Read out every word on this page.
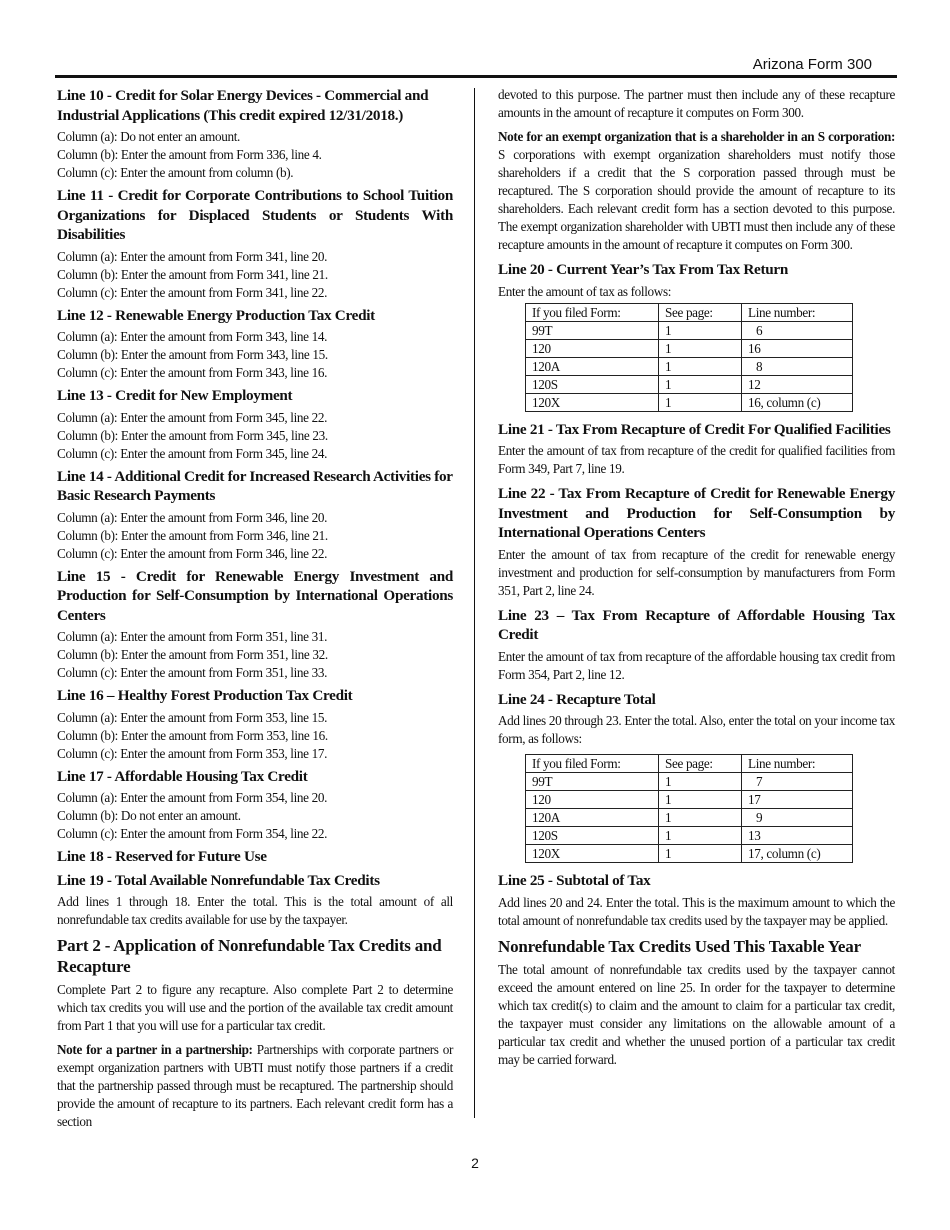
Arizona Form 300
Line 10 - Credit for Solar Energy Devices - Commercial and Industrial Applications (This credit expired 12/31/2018.)
Column (a): Do not enter an amount.
Column (b): Enter the amount from Form 336, line 4.
Column (c): Enter the amount from column (b).
Line 11 - Credit for Corporate Contributions to School Tuition Organizations for Displaced Students or Students With Disabilities
Column (a): Enter the amount from Form 341, line 20.
Column (b): Enter the amount from Form 341, line 21.
Column (c): Enter the amount from Form 341, line 22.
Line 12 - Renewable Energy Production Tax Credit
Column (a): Enter the amount from Form 343, line 14.
Column (b): Enter the amount from Form 343, line 15.
Column (c): Enter the amount from Form 343, line 16.
Line 13 - Credit for New Employment
Column (a): Enter the amount from Form 345, line 22.
Column (b): Enter the amount from Form 345, line 23.
Column (c): Enter the amount from Form 345, line 24.
Line 14 - Additional Credit for Increased Research Activities for Basic Research Payments
Column (a): Enter the amount from Form 346, line 20.
Column (b): Enter the amount from Form 346, line 21.
Column (c): Enter the amount from Form 346, line 22.
Line 15 - Credit for Renewable Energy Investment and Production for Self-Consumption by International Operations Centers
Column (a): Enter the amount from Form 351, line 31.
Column (b): Enter the amount from Form 351, line 32.
Column (c): Enter the amount from Form 351, line 33.
Line 16 – Healthy Forest Production Tax Credit
Column (a): Enter the amount from Form 353, line 15.
Column (b): Enter the amount from Form 353, line 16.
Column (c): Enter the amount from Form 353, line 17.
Line 17 - Affordable Housing Tax Credit
Column (a): Enter the amount from Form 354, line 20.
Column (b): Do not enter an amount.
Column (c): Enter the amount from Form 354, line 22.
Line 18 - Reserved for Future Use
Line 19 - Total Available Nonrefundable Tax Credits

Add lines 1 through 18. Enter the total. This is the total amount of all nonrefundable tax credits available for use by the taxpayer.

Part 2 - Application of Nonrefundable Tax Credits and Recapture

Complete Part 2 to figure any recapture. Also complete Part 2 to determine which tax credits you will use and the portion of the available tax credit amount from Part 1 that you will use for a particular tax credit.

Note for a partner in a partnership: Partnerships with corporate partners or exempt organization partners with UBTI must notify those partners if a credit that the partnership passed through must be recaptured. The partnership should provide the amount of recapture to its partners. Each relevant credit form has a section

devoted to this purpose. The partner must then include any of these recapture amounts in the amount of recapture it computes on Form 300.

Note for an exempt organization that is a shareholder in an S corporation: S corporations with exempt organization shareholders must notify those shareholders if a credit that the S corporation passed through must be recaptured. The S corporation should provide the amount of recapture to its shareholders. Each relevant credit form has a section devoted to this purpose. The exempt organization shareholder with UBTI must then include any of these recapture amounts in the amount of recapture it computes on Form 300.

Line 20 - Current Year’s Tax From Tax Return
Enter the amount of tax as follows:
If you filed Form:	See page:	Line number:
99T	1	6
120	1	16
120A	1	8
120S	1	12
120X	1	16, column (c)
Line 21 - Tax From Recapture of Credit For Qualified Facilities

Enter the amount of tax from recapture of the credit for qualified facilities from Form 349, Part 7, line 19.

Line 22 - Tax From Recapture of Credit for Renewable Energy Investment and Production for Self-Consumption by International Operations Centers

Enter the amount of tax from recapture of the credit for renewable energy investment and production for self-consumption by manufacturers from Form 351, Part 2, line 24.

Line 23 – Tax From Recapture of Affordable Housing Tax Credit

Enter the amount of tax from recapture of the affordable housing tax credit from Form 354, Part 2, line 12.

Line 24 - Recapture Total

Add lines 20 through 23. Enter the total. Also, enter the total on your income tax form, as follows:

If you filed Form:	See page:	Line number:
99T	1	7
120	1	17
120A	1	9
120S	1	13
120X	1	17, column (c)
Line 25 - Subtotal of Tax

Add lines 20 and 24. Enter the total. This is the maximum amount to which the total amount of nonrefundable tax credits used by the taxpayer may be applied.

Nonrefundable Tax Credits Used This Taxable Year

The total amount of nonrefundable tax credits used by the taxpayer cannot exceed the amount entered on line 25. In order for the taxpayer to determine which tax credit(s) to claim and the amount to claim for a particular tax credit, the taxpayer must consider any limitations on the allowable amount of a particular tax credit and whether the unused portion of a particular tax credit may be carried forward.

2
